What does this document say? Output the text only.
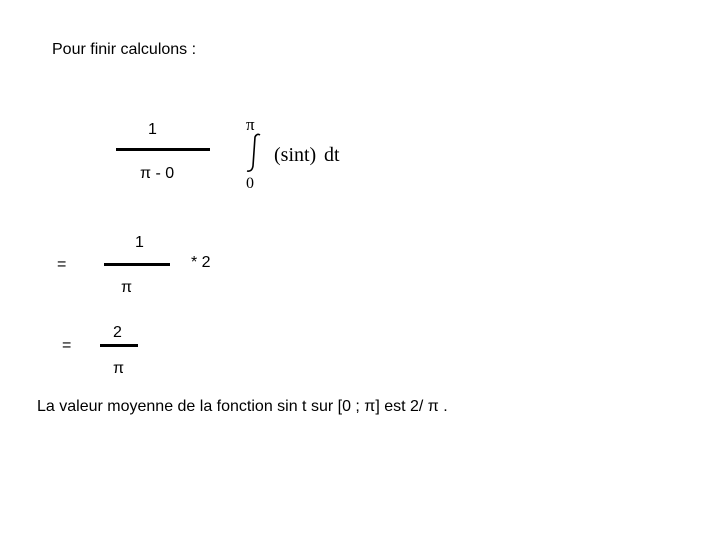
Pour finir calculons :
1
π - 0
π
0
(sint) dt
=
1
π
* 2
=
2
π
La valeur moyenne de la fonction sin t sur [0 ; π] est 2/ π .
